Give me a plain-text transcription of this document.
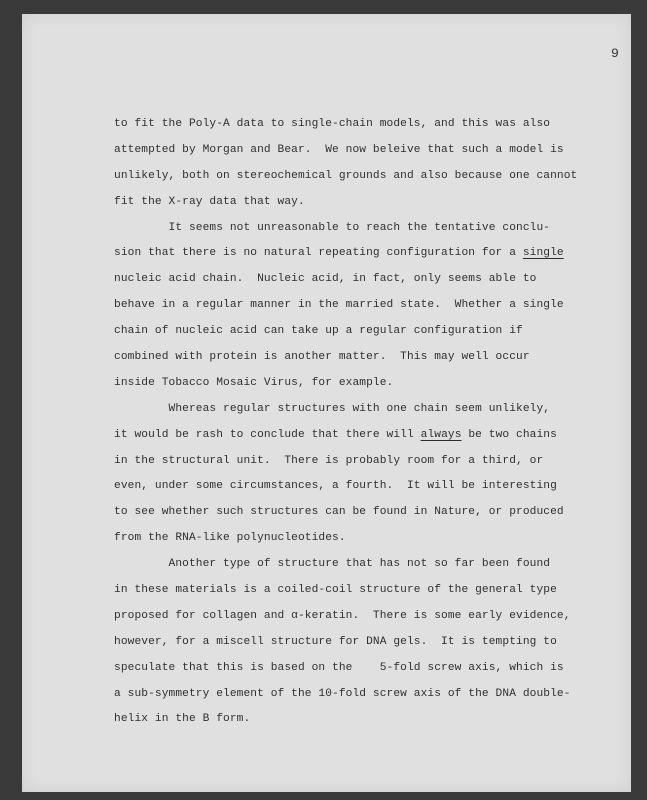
9
to fit the Poly-A data to single-chain models, and this was also
attempted by Morgan and Bear.  We now beleive that such a model is
unlikely, both on stereochemical grounds and also because one cannot
fit the X-ray data that way.
It seems not unreasonable to reach the tentative conclu-
sion that there is no natural repeating configuration for a single
nucleic acid chain.  Nucleic acid, in fact, only seems able to
behave in a regular manner in the married state.  Whether a single
chain of nucleic acid can take up a regular configuration if
combined with protein is another matter.  This may well occur
inside Tobacco Mosaic Virus, for example.
Whereas regular structures with one chain seem unlikely,
it would be rash to conclude that there will always be two chains
in the structural unit.  There is probably room for a third, or
even, under some circumstances, a fourth.  It will be interesting
to see whether such structures can be found in Nature, or produced
from the RNA-like polynucleotides.
Another type of structure that has not so far been found
in these materials is a coiled-coil structure of the general type
proposed for collagen and α-keratin.  There is some early evidence,
however, for a miscell structure for DNA gels.  It is tempting to
speculate that this is based on the    5-fold screw axis, which is
a sub-symmetry element of the 10-fold screw axis of the DNA double-
helix in the B form.
